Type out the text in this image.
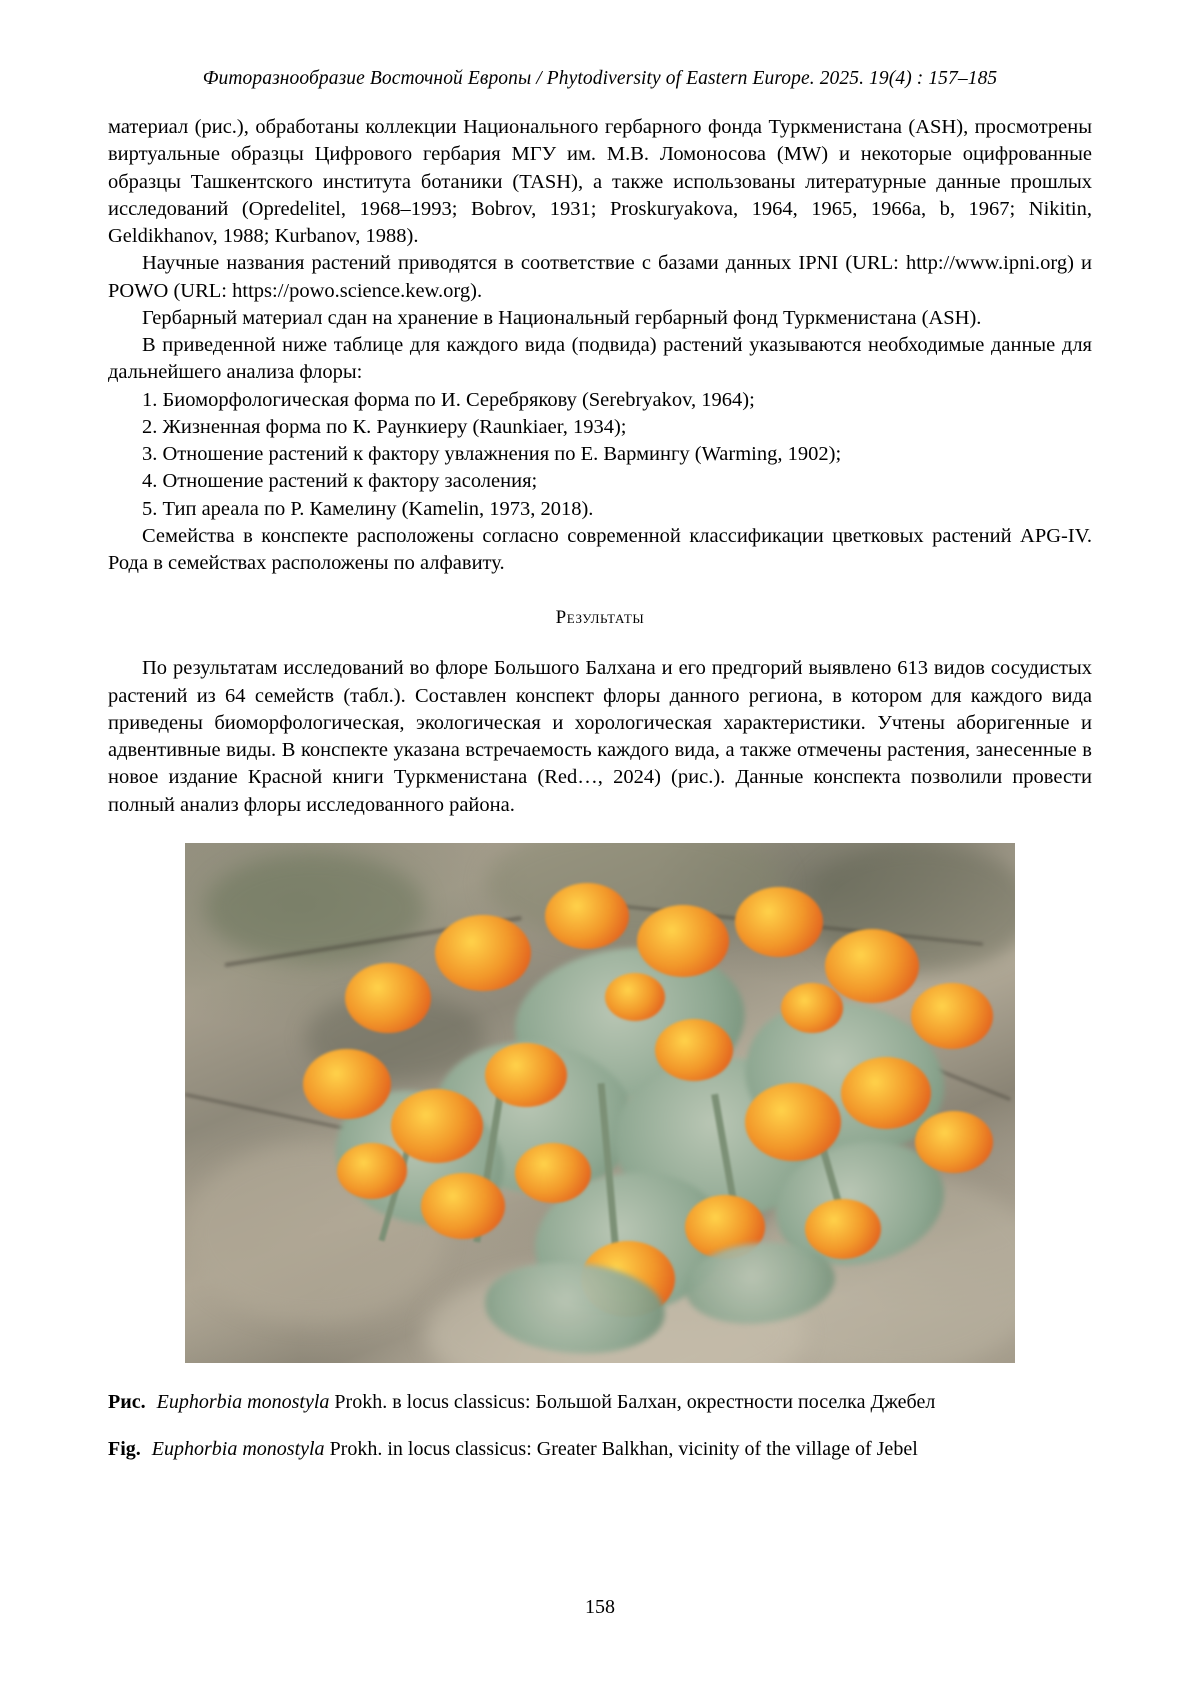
Фиторазнообразие Восточной Европы / Phytodiversity of Eastern Europe. 2025. 19(4) : 157–185

материал (рис.), обработаны коллекции Национального гербарного фонда Туркменистана (ASH), просмотрены виртуальные образцы Цифрового гербария МГУ им. М.В. Ломоносова (MW) и некоторые оцифрованные образцы Ташкентского института ботаники (TASH), а также использованы литературные данные прошлых исследований (Opredelitel, 1968–1993; Bobrov, 1931; Proskuryakova, 1964, 1965, 1966a, b, 1967; Nikitin, Geldikhanov, 1988; Kurbanov, 1988).

Научные названия растений приводятся в соответствие с базами данных IPNI (URL: http://www.ipni.org) и POWO (URL: https://powo.science.kew.org).

Гербарный материал сдан на хранение в Национальный гербарный фонд Туркменистана (ASH).

В приведенной ниже таблице для каждого вида (подвида) растений указываются необходимые данные для дальнейшего анализа флоры:

1. Биоморфологическая форма по И. Серебрякову (Serebryakov, 1964);

2. Жизненная форма по К. Раункиеру (Raunkiaer, 1934);

3. Отношение растений к фактору увлажнения по Е. Вармингу (Warming, 1902);

4. Отношение растений к фактору засоления;

5. Тип ареала по Р. Камелину (Kamelin, 1973, 2018).

Семейства в конспекте расположены согласно современной классификации цветковых растений APG-IV. Рода в семействах расположены по алфавиту.

Результаты

По результатам исследований во флоре Большого Балхана и его предгорий выявлено 613 видов сосудистых растений из 64 семейств (табл.). Составлен конспект флоры данного региона, в котором для каждого вида приведены биоморфологическая, экологическая и хорологическая характеристики. Учтены аборигенные и адвентивные виды. В конспекте указана встречаемость каждого вида, а также отмечены растения, занесенные в новое издание Красной книги Туркменистана (Red…, 2024) (рис.). Данные конспекта позволили провести полный анализ флоры исследованного района.

Рис. Euphorbia monostyla Prokh. в locus classicus: Большой Балхан, окрестности поселка Джебел
Fig. Euphorbia monostyla Prokh. in locus classicus: Greater Balkhan, vicinity of the village of Jebel
158
